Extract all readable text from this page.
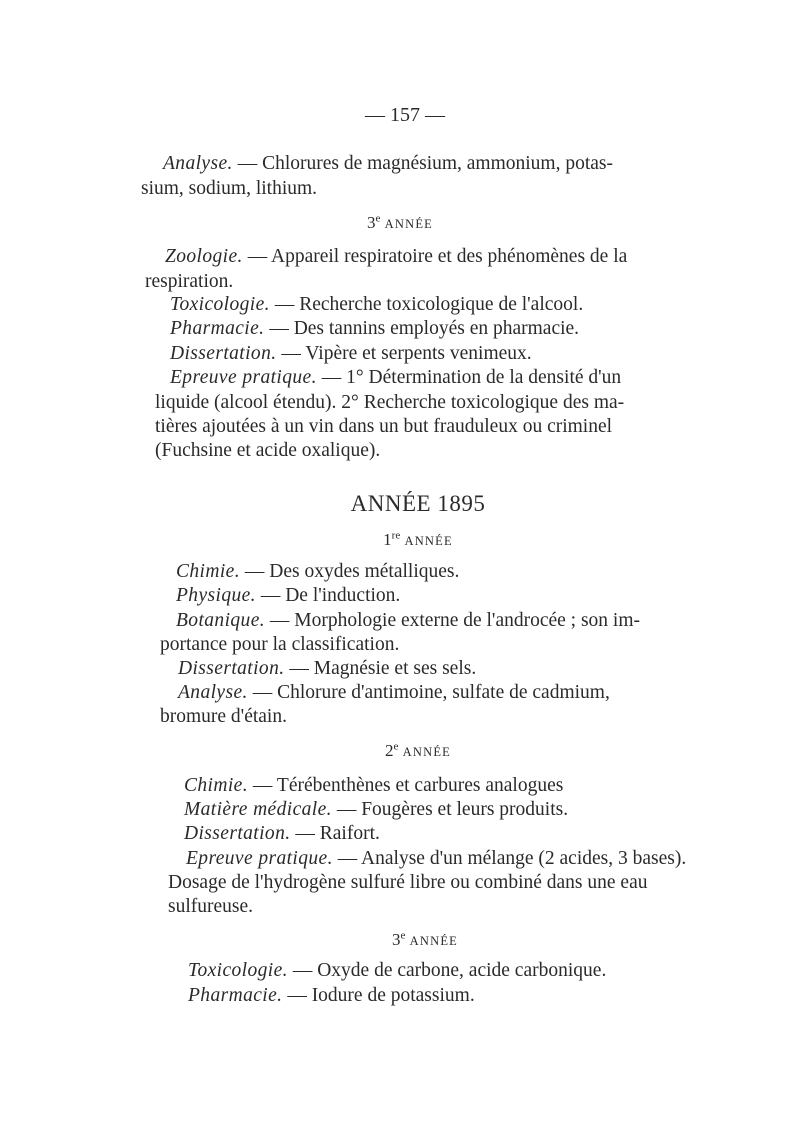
— 157 —
Analyse. — Chlorures de magnésium, ammonium, potas-
sium, sodium, lithium.
3e ANNÉE
Zoologie. — Appareil respiratoire et des phénomènes de la
respiration.
Toxicologie. — Recherche toxicologique de l'alcool.
Pharmacie. — Des tannins employés en pharmacie.
Dissertation. — Vipère et serpents venimeux.
Epreuve pratique. — 1° Détermination de la densité d'un
liquide (alcool étendu). 2° Recherche toxicologique des ma-
tières ajoutées à un vin dans un but frauduleux ou criminel
(Fuchsine et acide oxalique).
ANNÉE 1895
1re ANNÉE
Chimie. — Des oxydes métalliques.
Physique. — De l'induction.
Botanique. — Morphologie externe de l'androcée ; son im-
portance pour la classification.
Dissertation. — Magnésie et ses sels.
Analyse. — Chlorure d'antimoine, sulfate de cadmium,
bromure d'étain.
2e ANNÉE
Chimie. — Térébenthènes et carbures analogues
Matière médicale. — Fougères et leurs produits.
Dissertation. — Raifort.
Epreuve pratique. — Analyse d'un mélange (2 acides, 3 bases).
Dosage de l'hydrogène sulfuré libre ou combiné dans une eau
sulfureuse.
3e ANNÉE
Toxicologie. — Oxyde de carbone, acide carbonique.
Pharmacie. — Iodure de potassium.
